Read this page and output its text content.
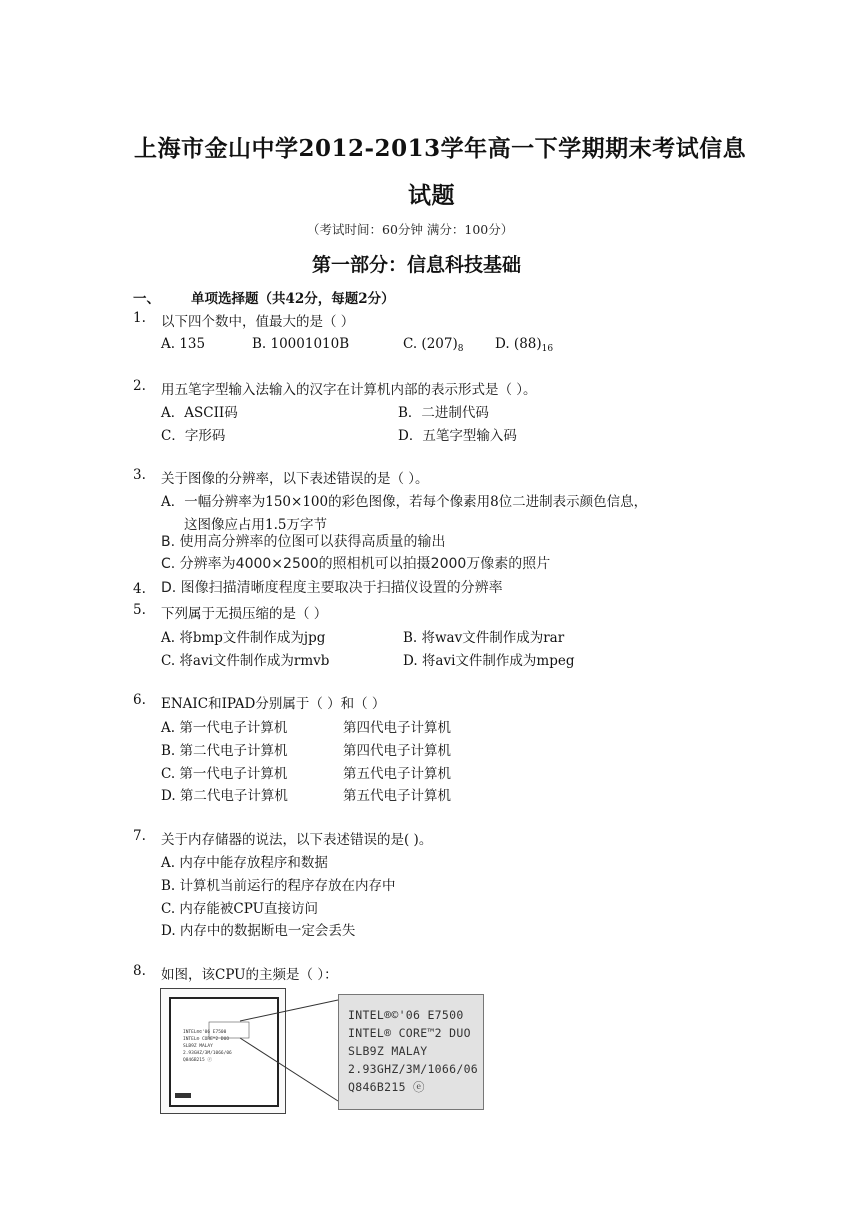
上海市金山中学2012-2013学年高一下学期期末考试信息
试题
（考试时间：60分钟 满分：100分）
第一部分：信息科技基础
一、 单项选择题（共42分，每题2分）
1. 以下四个数中，值最大的是（ ）
A. 135	B. 10001010B	C. $(207)_8$ D. $(88)_{16}$
2. 用五笔字型输入法输入的汉字在计算机内部的表示形式是（ ）。
A．ASCII码	B．二进制代码
C．字形码	D．五笔字型输入码
3. 关于图像的分辨率，以下表述错误的是（ ）。
A．一幅分辨率为150×100的彩色图像，若每个像素用8位二进制表示颜色信息，
这图像应占用1.5万字节
B. 使用高分辨率的位图可以获得高质量的输出
C. 分辨率为4000×2500的照相机可以拍摄2000万像素的照片
D. 图像扫描清晰度程度主要取决于扫描仪设置的分辨率
4.
5. 下列属于无损压缩的是（ ）
A. 将bmp文件制作成为jpg	B. 将wav文件制作成为rar
C. 将avi文件制作成为rmvb	D. 将avi文件制作成为mpeg
6. ENAIC和IPAD分别属于（ ）和（ ）
A. 第一代电子计算机	第四代电子计算机
B. 第二代电子计算机	第四代电子计算机
C. 第一代电子计算机	第五代电子计算机
D. 第二代电子计算机	第五代电子计算机
7. 关于内存储器的说法，以下表述错误的是( )。
A. 内存中能存放程序和数据
B. 计算机当前运行的程序存放在内存中
C. 内存能被CPU直接访问
D. 内存中的数据断电一定会丢失
8. 如图，该CPU的主频是（ ）：
INTEL®©'06 E7500
INTEL® CORE™2 DUO
SLB9Z MALAY
2.93GHZ/3M/1066/06
Q846B215 ⓔ
INTEL®©'06 E7500
INTEL® CORE™2 DUO
SLB9Z MALAY
2.93GHZ/3M/1066/06
Q846B215 ⓔ
